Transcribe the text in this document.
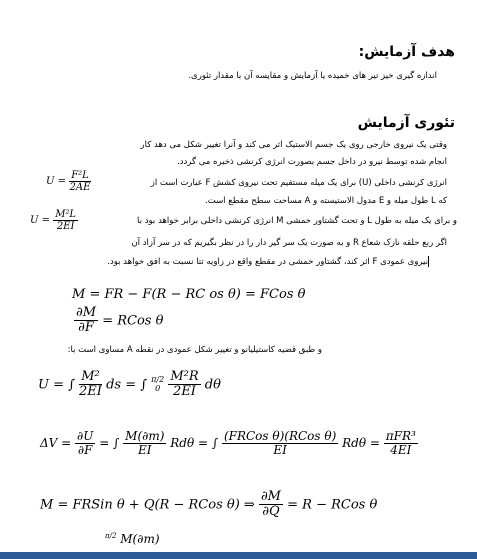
هدف آزمایش:
اندازه گیری خیز تیر های خمیده یا آزمایش و مقایسه آن با مقدار تئوری.
تئوری آزمایش
وقتی یک نیروی خارجی روی یک جسم الاستیک اثر می کند و آنرا تغییر شکل می دهد کار
انجام شده توسط نیرو در داخل جسم بصورت انرژی کرنشی ذخیره می گردد.
انرژی کرنشی داخلی (U) برای یک میله مستقیم تحت نیروی کشش F عبارت است از
$U = \frac{\text{F²L}}{2AE}$
که L طول میله و E مدول الاستیسته و A مساحت سطح مقطع است.
و برای یک میله به طول L و تحت گشتاور خمشی M انرژی کرنشی داخلی برابر خواهد بود با
$U = \frac{\text{M²L}}{2EI}$
اگر ربع حلقه نازک شعاع R و به صورت یک سر گیر دار را در نظر بگیریم که در سر آزاد آن
نیروی عمودی F اثر کند، گشتاور خمشی در مقطع واقع در زاویه تتا نسبت به افق خواهد بود.
M = FR − F(R − RC os θ) = FCos θ
$\frac{\partial M}{\partial F}$ = RCos θ
و طبق قضیه کاستیلیانو و تغییر شکل عمودی در نقطه A مساوی است با:
U = ∫ $\frac{\text{M²}}{2EI}$ ds = ∫ π/2
0
$\frac{\text{M²R}}{2EI}$ dθ
$\Delta V = \frac{\partial U}{\partial F}$ = ∫ $\frac{M(\partial m)}{EI}$ Rdθ = ∫ $\frac{\text{(FRCos θ)(RCos θ)}}{EI}$ $Rd\theta = \frac{\text{πFR³}}{4EI}$
M = FRSin θ + Q(R − RCos θ) ⇒ $\frac{\partial M}{\partial Q} = R$ − RCos θ
$^{\pi/2}$ M(∂m)
